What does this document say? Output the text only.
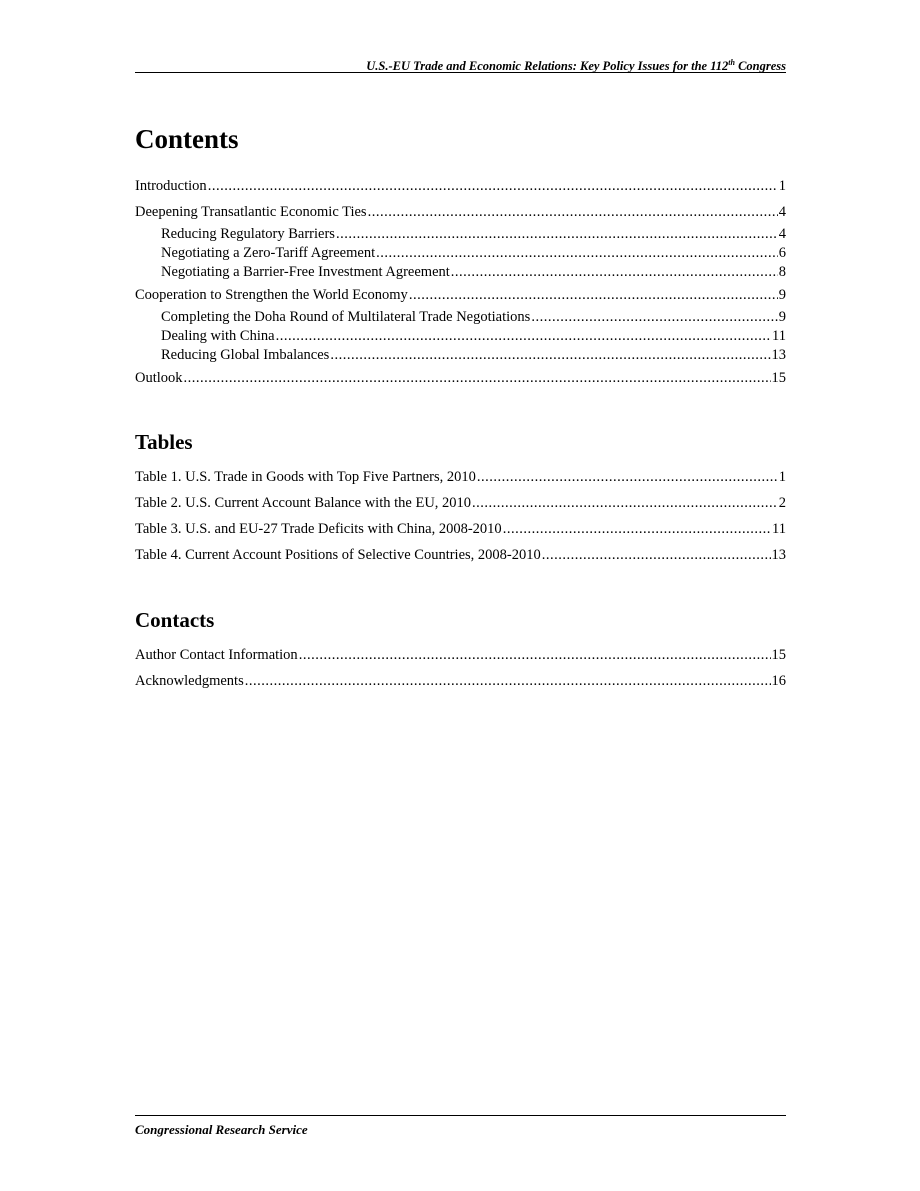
U.S.-EU Trade and Economic Relations: Key Policy Issues for the 112th Congress
Contents
Introduction .....	1
Deepening Transatlantic Economic Ties .....	4
Reducing Regulatory Barriers .....	4
Negotiating a Zero-Tariff Agreement .....	6
Negotiating a Barrier-Free Investment Agreement .....	8
Cooperation to Strengthen the World Economy .....	9
Completing the Doha Round of Multilateral Trade Negotiations .....	9
Dealing with China .....	11
Reducing Global Imbalances .....	13
Outlook .....	15
Tables
Table 1. U.S. Trade in Goods with Top Five Partners, 2010 .....	1
Table 2. U.S. Current Account Balance with the EU, 2010 .....	2
Table 3. U.S. and EU-27 Trade Deficits with China, 2008-2010 .....	11
Table 4. Current Account Positions of Selective Countries, 2008-2010 .....	13
Contacts
Author Contact Information .....	15
Acknowledgments .....	16
Congressional Research Service
